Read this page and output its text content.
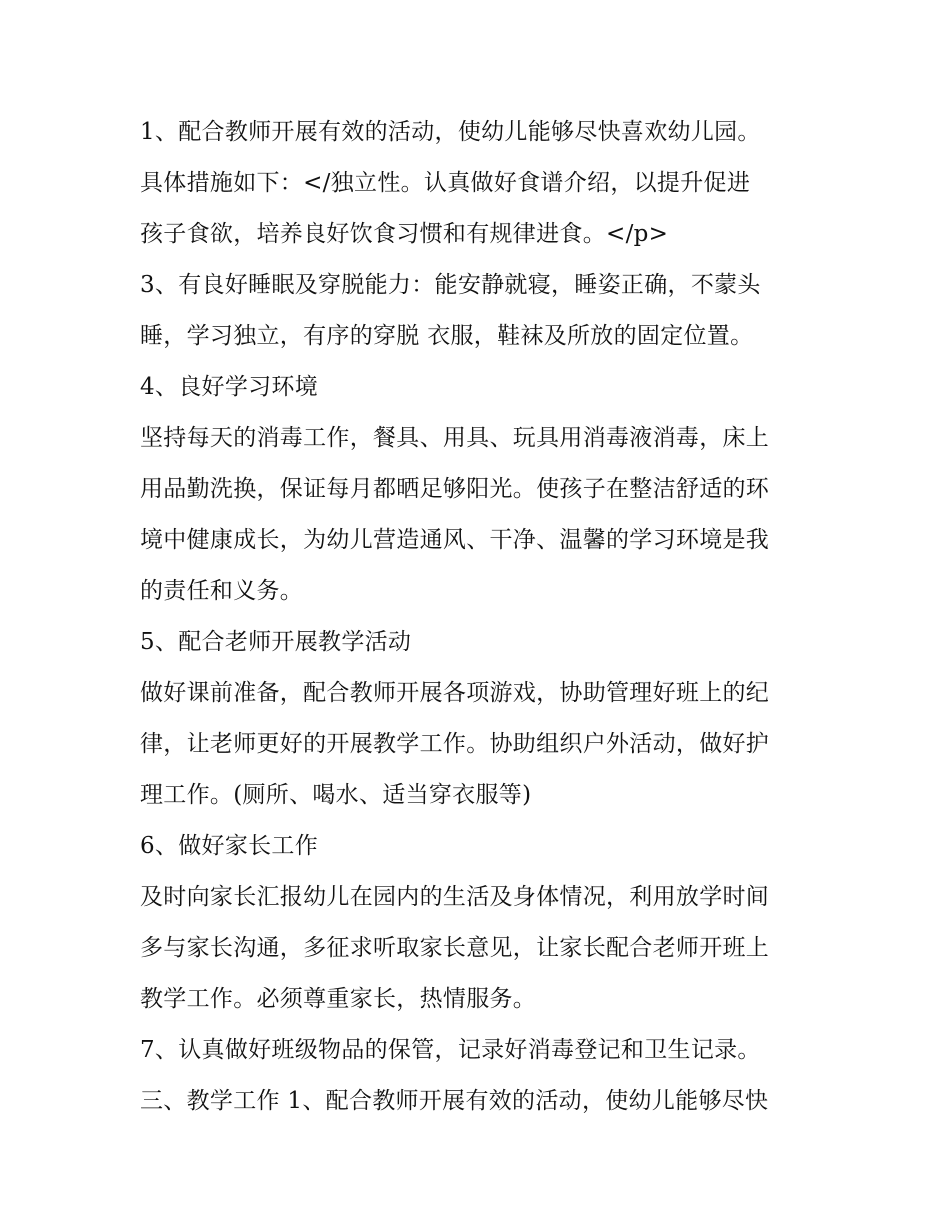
1、配合教师开展有效的活动，使幼儿能够尽快喜欢幼儿园。
具体措施如下：</独立性。认真做好食谱介绍，以提升促进
孩子食欲，培养良好饮食习惯和有规律进食。</p>
3、有良好睡眠及穿脱能力：能安静就寝，睡姿正确，不蒙头
睡，学习独立，有序的穿脱 衣服，鞋袜及所放的固定位置。
4、良好学习环境
坚持每天的消毒工作，餐具、用具、玩具用消毒液消毒，床上
用品勤洗换，保证每月都晒足够阳光。使孩子在整洁舒适的环
境中健康成长，为幼儿营造通风、干净、温馨的学习环境是我
的责任和义务。
5、配合老师开展教学活动
做好课前准备，配合教师开展各项游戏，协助管理好班上的纪
律，让老师更好的开展教学工作。协助组织户外活动，做好护
理工作。(厕所、喝水、适当穿衣服等)
6、做好家长工作
及时向家长汇报幼儿在园内的生活及身体情况，利用放学时间
多与家长沟通，多征求听取家长意见，让家长配合老师开班上
教学工作。必须尊重家长，热情服务。
7、认真做好班级物品的保管，记录好消毒登记和卫生记录。
三、教学工作 1、配合教师开展有效的活动，使幼儿能够尽快
